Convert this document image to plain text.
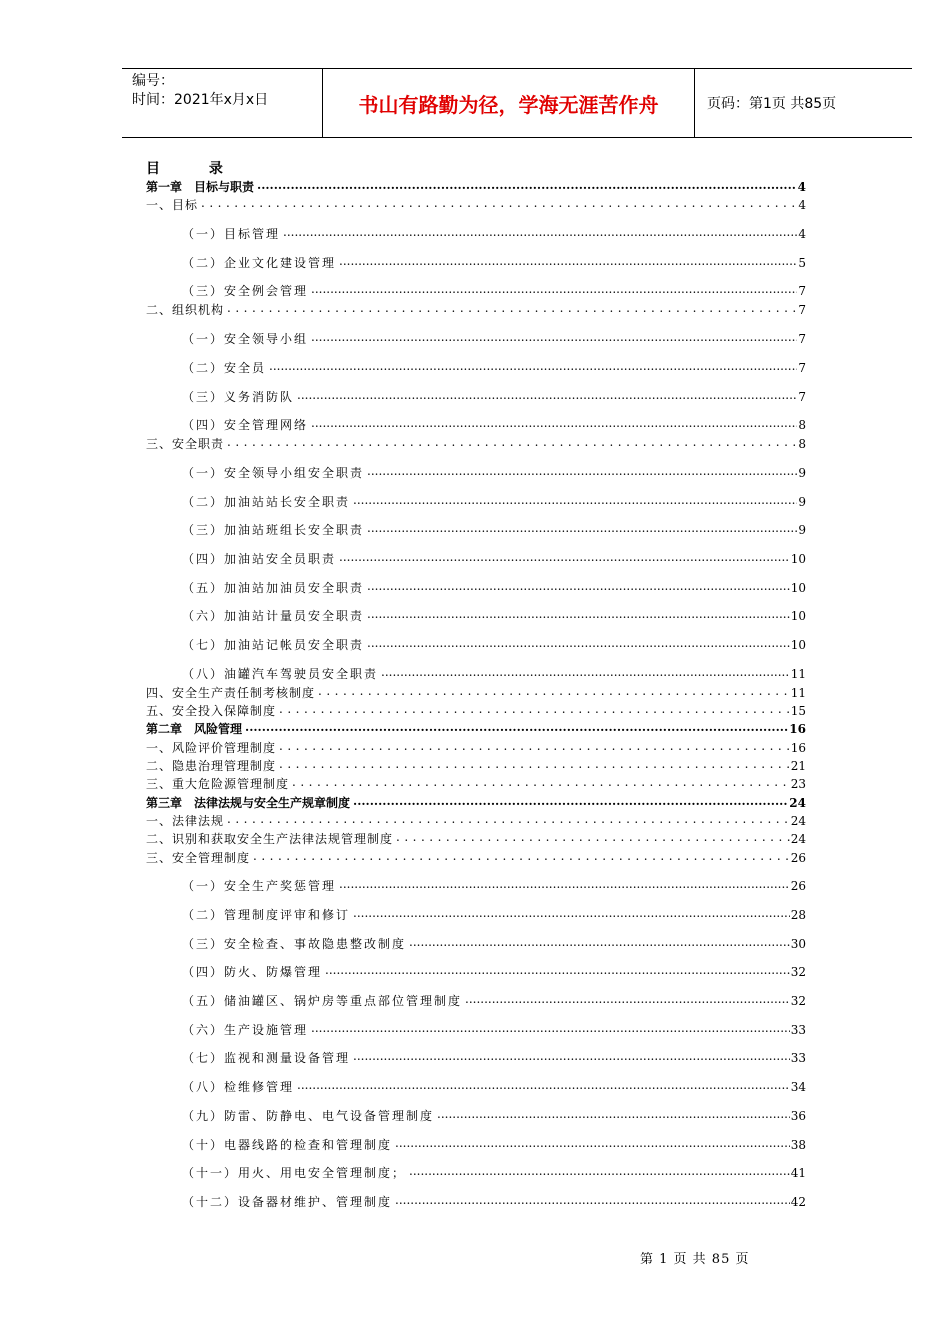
编号：
时间：2021年x月x日	书山有路勤为径，学海无涯苦作舟	页码：第1页 共85页
目 录
第一章　目标与职责 .....	4
一、目标 .....	4
（一）目标管理 .....	4
（二）企业文化建设管理 .....	5
（三）安全例会管理 .....	7
二、组织机构 .....	7
（一）安全领导小组 .....	7
（二）安全员 .....	7
（三）义务消防队 .....	7
（四）安全管理网络 .....	8
三、安全职责 .....	8
（一）安全领导小组安全职责 .....	9
（二）加油站站长安全职责 .....	9
（三）加油站班组长安全职责 .....	9
（四）加油站安全员职责 .....	10
（五）加油站加油员安全职责 .....	10
（六）加油站计量员安全职责 .....	10
（七）加油站记帐员安全职责 .....	10
（八）油罐汽车驾驶员安全职责 .....	11
四、安全生产责任制考核制度 .....	11
五、安全投入保障制度 .....	15
第二章　风险管理 .....	16
一、风险评价管理制度 .....	16
二、隐患治理管理制度 .....	21
三、重大危险源管理制度 .....	23
第三章　法律法规与安全生产规章制度 .....	24
一、法律法规 .....	24
二、识别和获取安全生产法律法规管理制度 .....	24
三、安全管理制度 .....	26
（一）安全生产奖惩管理 .....	26
（二）管理制度评审和修订 .....	28
（三）安全检查、事故隐患整改制度 .....	30
（四）防火、防爆管理 .....	32
（五）储油罐区、锅炉房等重点部位管理制度 .....	32
（六）生产设施管理 .....	33
（七）监视和测量设备管理 .....	33
（八）检维修管理 .....	34
（九）防雷、防静电、电气设备管理制度 .....	36
（十）电器线路的检查和管理制度 .....	38
（十一）用火、用电安全管理制度； .....	41
（十二）设备器材维护、管理制度 .....	42
第 1 页 共 85 页
